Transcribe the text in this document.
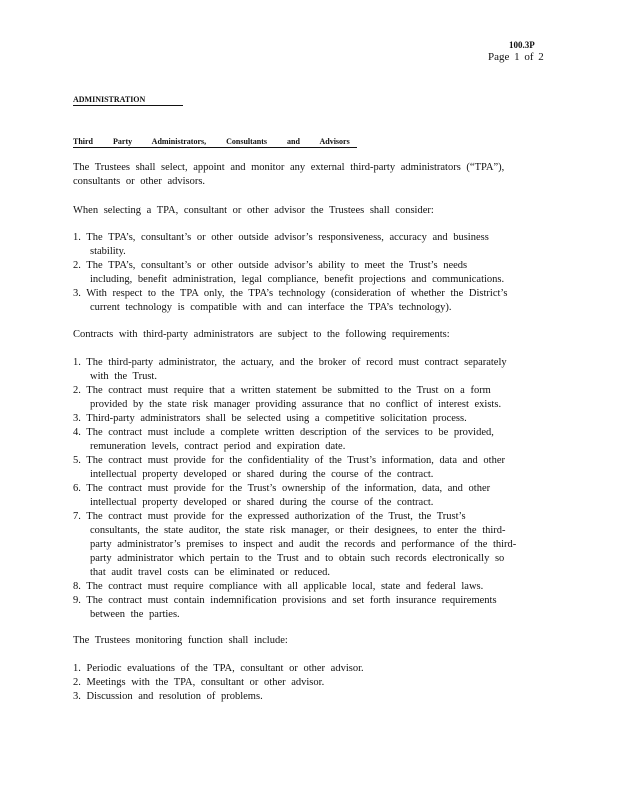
100.3P
Page 1 of 2
ADMINISTRATION
Third Party Administrators, Consultants and Advisors
The Trustees shall select, appoint and monitor any external third-party administrators (“TPA”),
consultants or other advisors.
When selecting a TPA, consultant or other advisor the Trustees shall consider:
1. The TPA’s, consultant’s or other outside advisor’s responsiveness, accuracy and business
stability.
2. The TPA’s, consultant’s or other outside advisor’s ability to meet the Trust’s needs
including, benefit administration, legal compliance, benefit projections and communications.
3. With respect to the TPA only, the TPA’s technology (consideration of whether the District’s
current technology is compatible with and can interface the TPA’s technology).
Contracts with third-party administrators are subject to the following requirements:
1. The third-party administrator, the actuary, and the broker of record must contract separately
with the Trust.
2. The contract must require that a written statement be submitted to the Trust on a form
provided by the state risk manager providing assurance that no conflict of interest exists.
3. Third-party administrators shall be selected using a competitive solicitation process.
4. The contract must include a complete written description of the services to be provided,
remuneration levels, contract period and expiration date.
5. The contract must provide for the confidentiality of the Trust’s information, data and other
intellectual property developed or shared during the course of the contract.
6. The contract must provide for the Trust’s ownership of the information, data, and other
intellectual property developed or shared during the course of the contract.
7. The contract must provide for the expressed authorization of the Trust, the Trust’s
consultants, the state auditor, the state risk manager, or their designees, to enter the third-
party administrator’s premises to inspect and audit the records and performance of the third-
party administrator which pertain to the Trust and to obtain such records electronically so
that audit travel costs can be eliminated or reduced.
8. The contract must require compliance with all applicable local, state and federal laws.
9. The contract must contain indemnification provisions and set forth insurance requirements
between the parties.
The Trustees monitoring function shall include:
1. Periodic evaluations of the TPA, consultant or other advisor.
2. Meetings with the TPA, consultant or other advisor.
3. Discussion and resolution of problems.
